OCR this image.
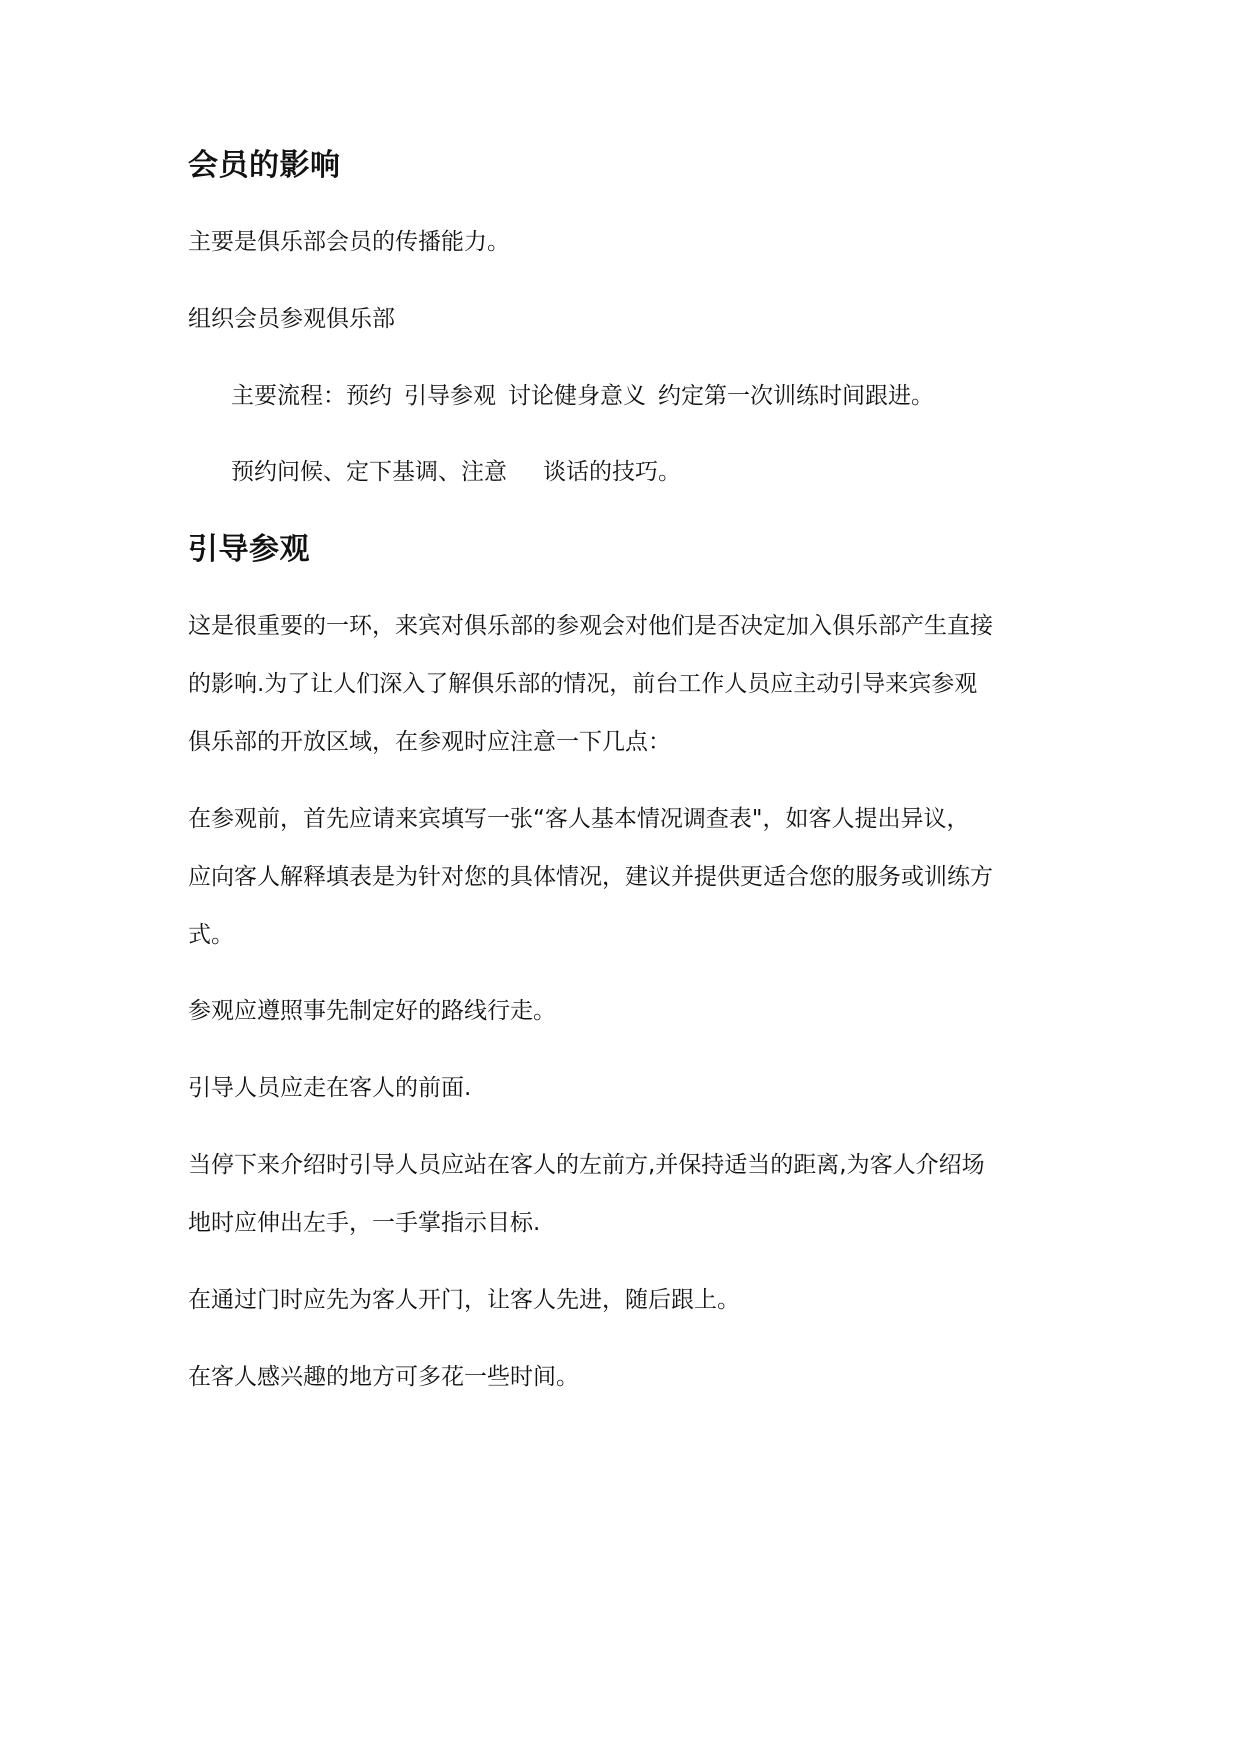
会员的影响

主要是俱乐部会员的传播能力。

组织会员参观俱乐部

主要流程：预约 引导参观 讨论健身意义 约定第一次训练时间跟进。

预约问候、定下基调、注意 谈话的技巧。

引导参观

这是很重要的一环，来宾对俱乐部的参观会对他们是否决定加入俱乐部产生直接

的影响.为了让人们深入了解俱乐部的情况，前台工作人员应主动引导来宾参观

俱乐部的开放区域，在参观时应注意一下几点：

在参观前，首先应请来宾填写一张“客人基本情况调查表"，如客人提出异议，

应向客人解释填表是为针对您的具体情况，建议并提供更适合您的服务或训练方

式。

参观应遵照事先制定好的路线行走。

引导人员应走在客人的前面.

当停下来介绍时引导人员应站在客人的左前方,并保持适当的距离,为客人介绍场

地时应伸出左手，一手掌指示目标.

在通过门时应先为客人开门，让客人先进，随后跟上。

在客人感兴趣的地方可多花一些时间。
